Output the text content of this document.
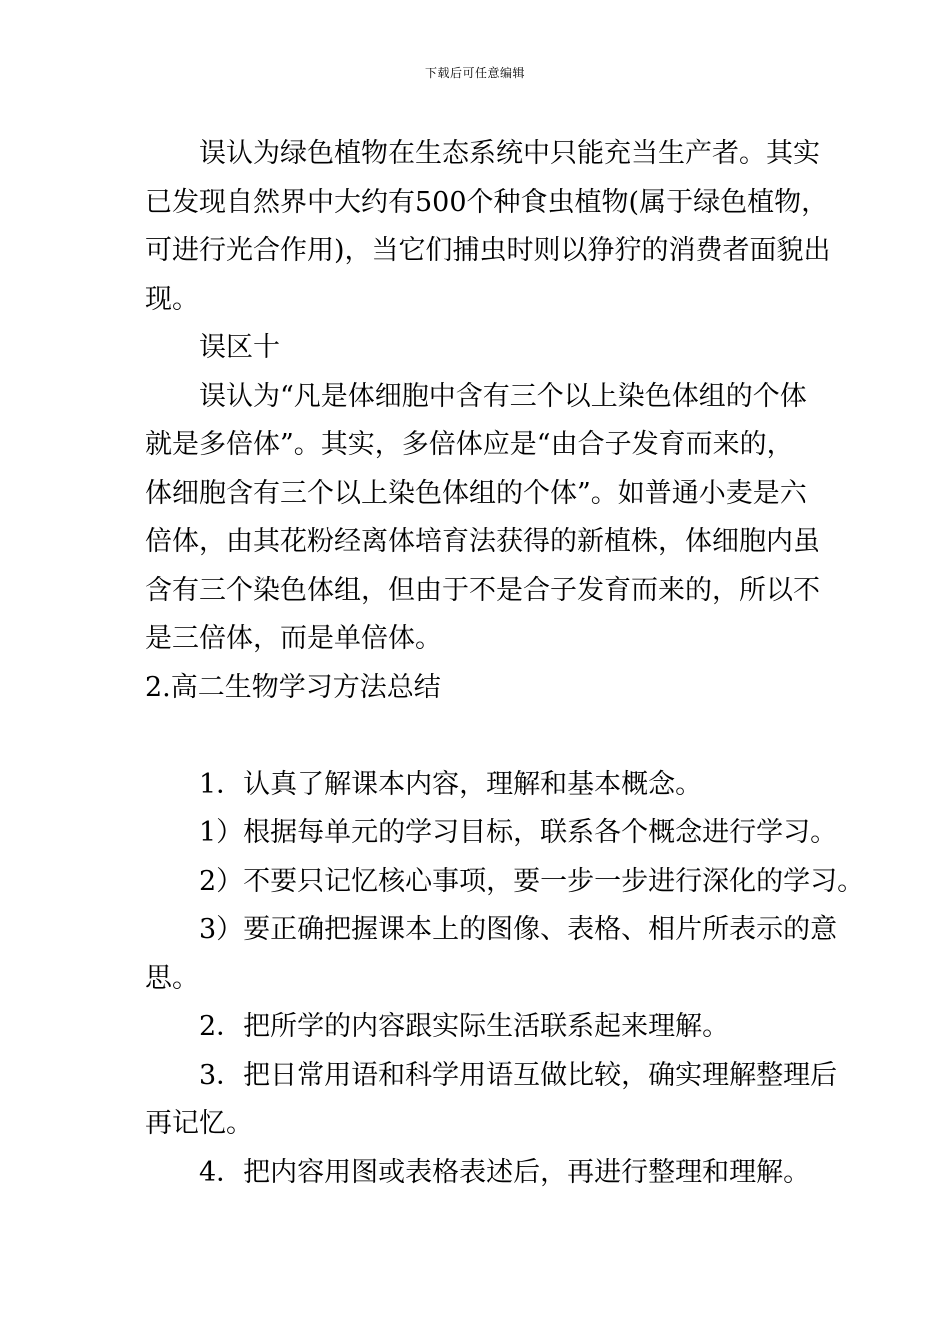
下载后可任意编辑

误认为绿色植物在生态系统中只能充当生产者。其实

已发现自然界中大约有500个种食虫植物(属于绿色植物，

可进行光合作用)，当它们捕虫时则以狰狞的消费者面貌出

现。

误区十

误认为“凡是体细胞中含有三个以上染色体组的个体

就是多倍体”。其实，多倍体应是“由合子发育而来的，

体细胞含有三个以上染色体组的个体”。如普通小麦是六

倍体，由其花粉经离体培育法获得的新植株，体细胞内虽

含有三个染色体组，但由于不是合子发育而来的，所以不

是三倍体，而是单倍体。

2.高二生物学习方法总结

1．认真了解课本内容，理解和基本概念。

1）根据每单元的学习目标，联系各个概念进行学习。

2）不要只记忆核心事项，要一步一步进行深化的学习。

3）要正确把握课本上的图像、表格、相片所表示的意

思。

2．把所学的内容跟实际生活联系起来理解。

3．把日常用语和科学用语互做比较，确实理解整理后

再记忆。

4．把内容用图或表格表述后，再进行整理和理解。
